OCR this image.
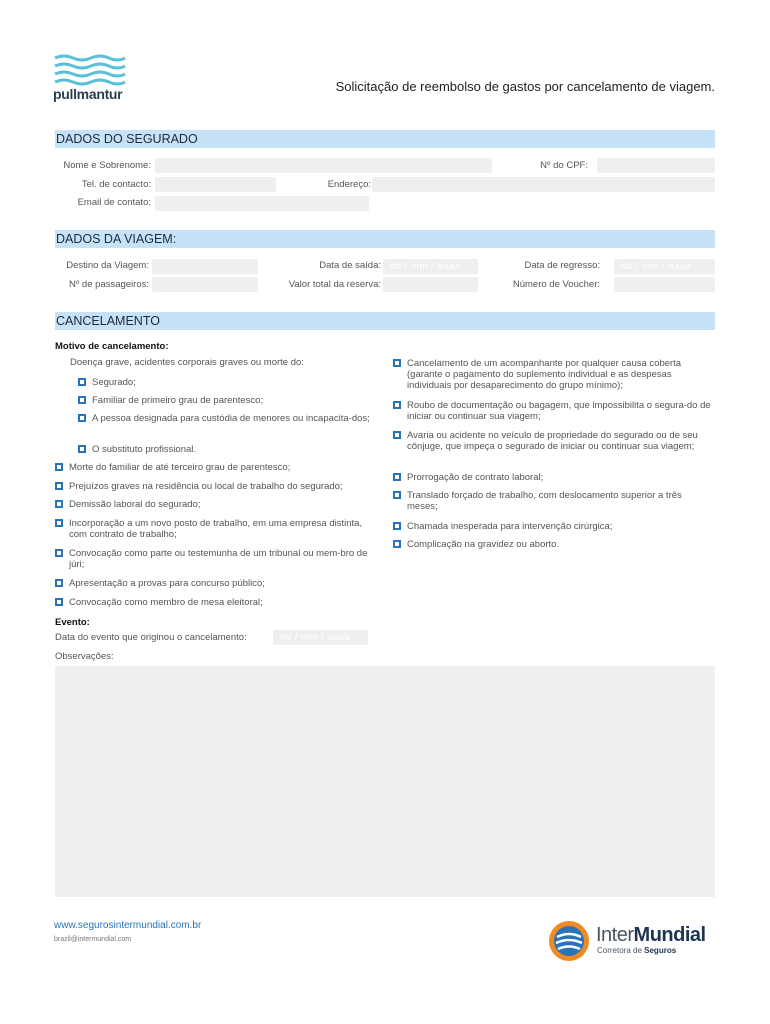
pullmantur	Solicitação de reembolso de gastos por cancelamento de viagem.
DADOS DO SEGURADO
Nome e Sobrenome:	Nº do CPF:
Tel. de contacto:	Endereço:
Email de contato:
DADOS DA VIAGEM:
Destino da Viagem:	Data de saída: dd / mm / aaaa	Data de regresso:	dd / mm / aaaa
Nº de passageiros:	Valor total da reserva:	Número de Voucher:
CANCELAMENTO
Motivo de cancelamento:
Doença grave, acidentes corporais graves ou morte do:
Segurado;
Familiar de primeiro grau de parentesco;
A pessoa designada para custódia de menores ou incapacita-dos;
O substituto profissional.
Morte do familiar de até terceiro grau de parentesco;
Prejuízos graves na residência ou local de trabalho do segurado;
Demissão laboral do segurado;
Incorporação a um novo posto de trabalho, em uma empresa distinta, com contrato de trabalho;
Convocação como parte ou testemunha de um tribunal ou mem-bro de júri;
Apresentação a provas para concurso público;
Convocação como membro de mesa eleitoral;
Cancelamento de um acompanhante por qualquer causa coberta (garante o pagamento do suplemento individual e as despesas individuais por desaparecimento do grupo mínimo);
Roubo de documentação ou bagagem, que impossibilita o segura-do de iniciar ou continuar sua viagem;
Avaria ou acidente no veículo de propriedade do segurado ou de seu cônjuge, que impeça o segurado de iniciar ou continuar sua viagem;
Prorrogação de contrato laboral;
Translado forçado de trabalho, com deslocamento superior a três meses;
Chamada inesperada para intervenção cirúrgica;
Complicação na gravidez ou aborto.
Evento:
Data do evento que originou o cancelamento:	dd / mm / aaaa
Observações:
www.segurosintermundial.com.br
brazil@intermundial.com	InterMundial
Corretora de Seguros
